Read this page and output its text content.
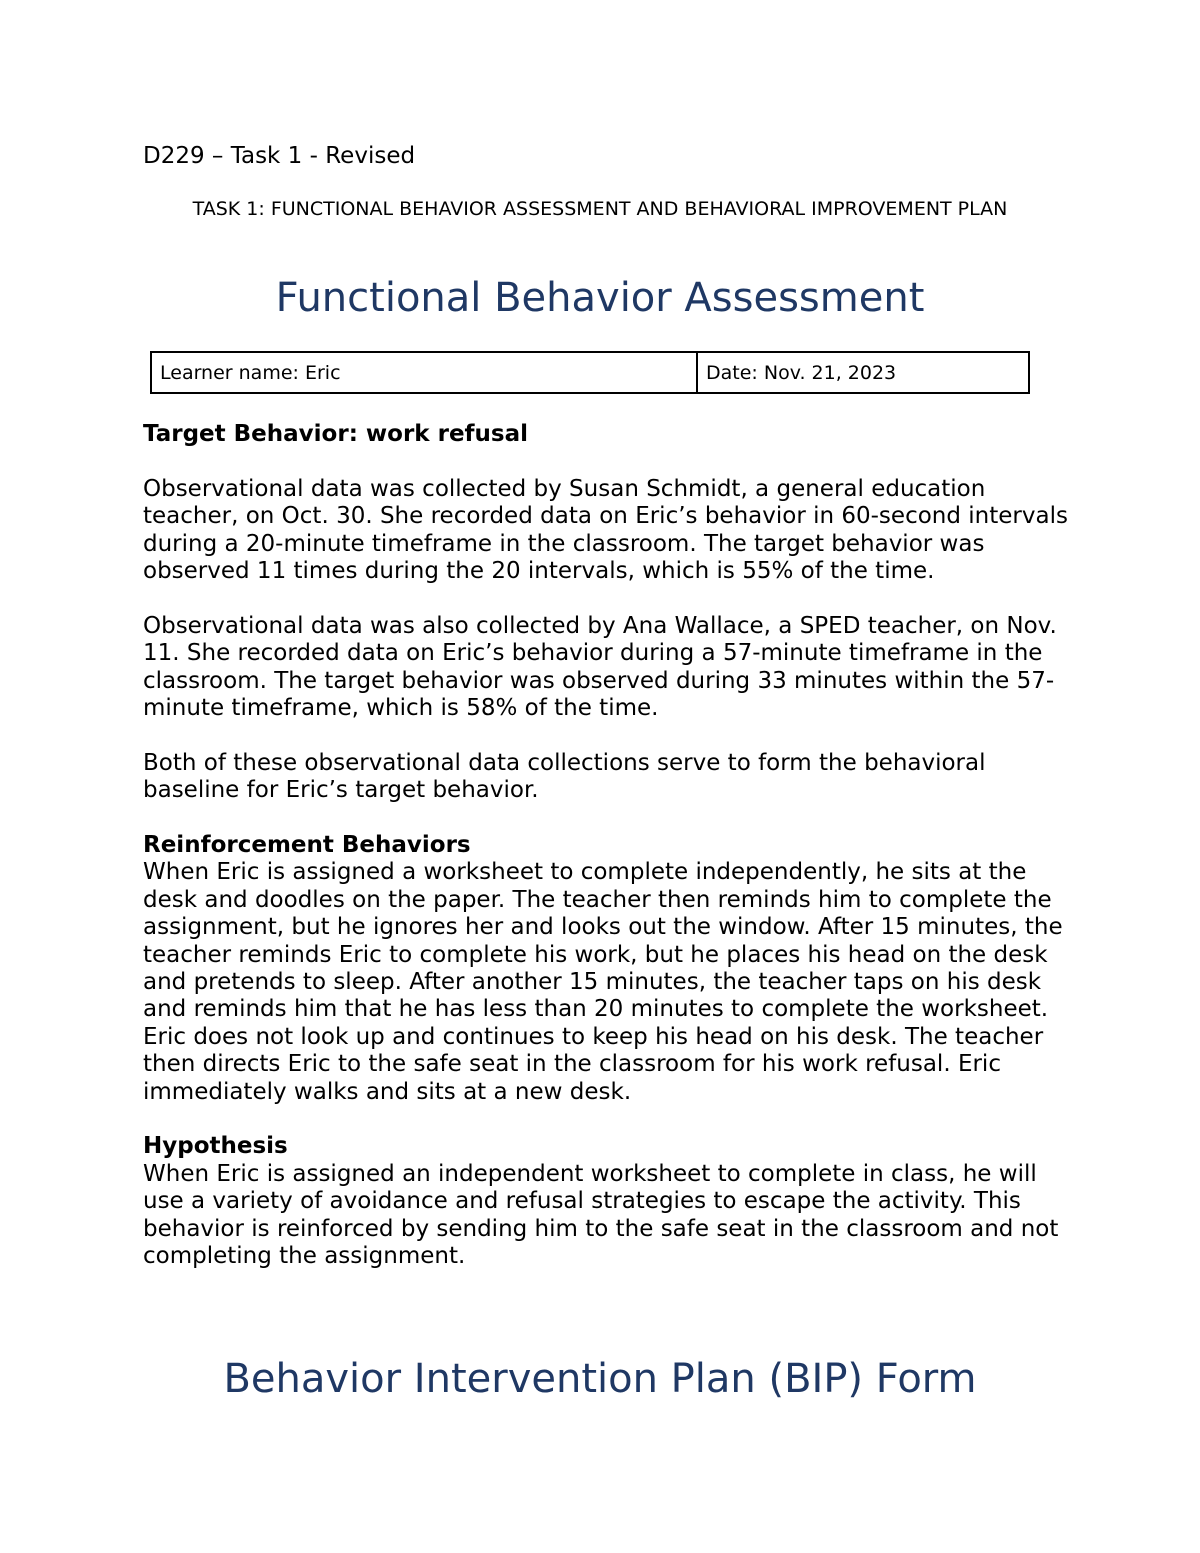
D229 – Task 1 - Revised
TASK 1: FUNCTIONAL BEHAVIOR ASSESSMENT AND BEHAVIORAL IMPROVEMENT PLAN
Functional Behavior Assessment
Learner name: Eric	Date: Nov. 21, 2023

Target Behavior: work refusal

Observational data was collected by Susan Schmidt, a general education teacher, on Oct. 30. She recorded data on Eric’s behavior in 60-second intervals during a 20-minute timeframe in the classroom. The target behavior was observed 11 times during the 20 intervals, which is 55% of the time.

Observational data was also collected by Ana Wallace, a SPED teacher, on Nov. 11. She recorded data on Eric’s behavior during a 57-minute timeframe in the classroom. The target behavior was observed during 33 minutes within the 57-minute timeframe, which is 58% of the time.

Both of these observational data collections serve to form the behavioral baseline for Eric’s target behavior.

Reinforcement Behaviors

When Eric is assigned a worksheet to complete independently, he sits at the desk and doodles on the paper. The teacher then reminds him to complete the assignment, but he ignores her and looks out the window. After 15 minutes, the teacher reminds Eric to complete his work, but he places his head on the desk and pretends to sleep. After another 15 minutes, the teacher taps on his desk and reminds him that he has less than 20 minutes to complete the worksheet. Eric does not look up and continues to keep his head on his desk. The teacher then directs Eric to the safe seat in the classroom for his work refusal. Eric immediately walks and sits at a new desk.

Hypothesis

When Eric is assigned an independent worksheet to complete in class, he will use a variety of avoidance and refusal strategies to escape the activity. This behavior is reinforced by sending him to the safe seat in the classroom and not completing the assignment.

Behavior Intervention Plan (BIP) Form
